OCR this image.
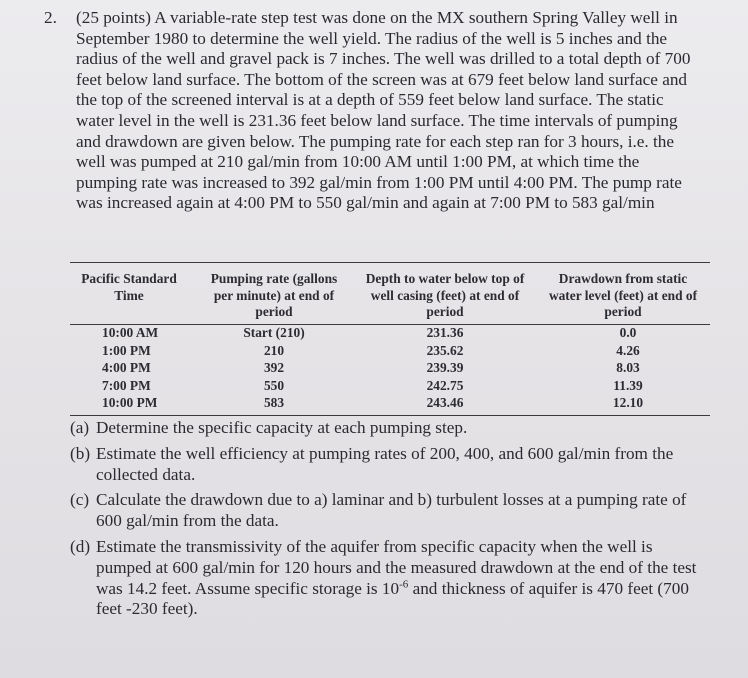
2. (25 points) A variable-rate step test was done on the MX southern Spring Valley well in September 1980 to determine the well yield. The radius of the well is 5 inches and the radius of the well and gravel pack is 7 inches. The well was drilled to a total depth of 700 feet below land surface. The bottom of the screen was at 679 feet below land surface and the top of the screened interval is at a depth of 559 feet below land surface. The static water level in the well is 231.36 feet below land surface. The time intervals of pumping and drawdown are given below. The pumping rate for each step ran for 3 hours, i.e. the well was pumped at 210 gal/min from 10:00 AM until 1:00 PM, at which time the pumping rate was increased to 392 gal/min from 1:00 PM until 4:00 PM. The pump rate was increased again at 4:00 PM to 550 gal/min and again at 7:00 PM to 583 gal/min
Pacific Standard Time
Pumping rate (gallons per minute) at end of period
Depth to water below top of well casing (feet) at end of period
Drawdown from static water level (feet) at end of period
10:00 AM
1:00 PM
4:00 PM
7:00 PM
10:00 PM
Start (210)
210
392
550
583
231.36
235.62
239.39
242.75
243.46
0.0
4.26
8.03
11.39
12.10
(a) Determine the specific capacity at each pumping step.
(b) Estimate the well efficiency at pumping rates of 200, 400, and 600 gal/min from the collected data.
(c) Calculate the drawdown due to a) laminar and b) turbulent losses at a pumping rate of 600 gal/min from the data.
(d) Estimate the transmissivity of the aquifer from specific capacity when the well is pumped at 600 gal/min for 120 hours and the measured drawdown at the end of the test was 14.2 feet. Assume specific storage is $10^{-6}$ and thickness of aquifer is 470 feet (700 feet -230 feet).
